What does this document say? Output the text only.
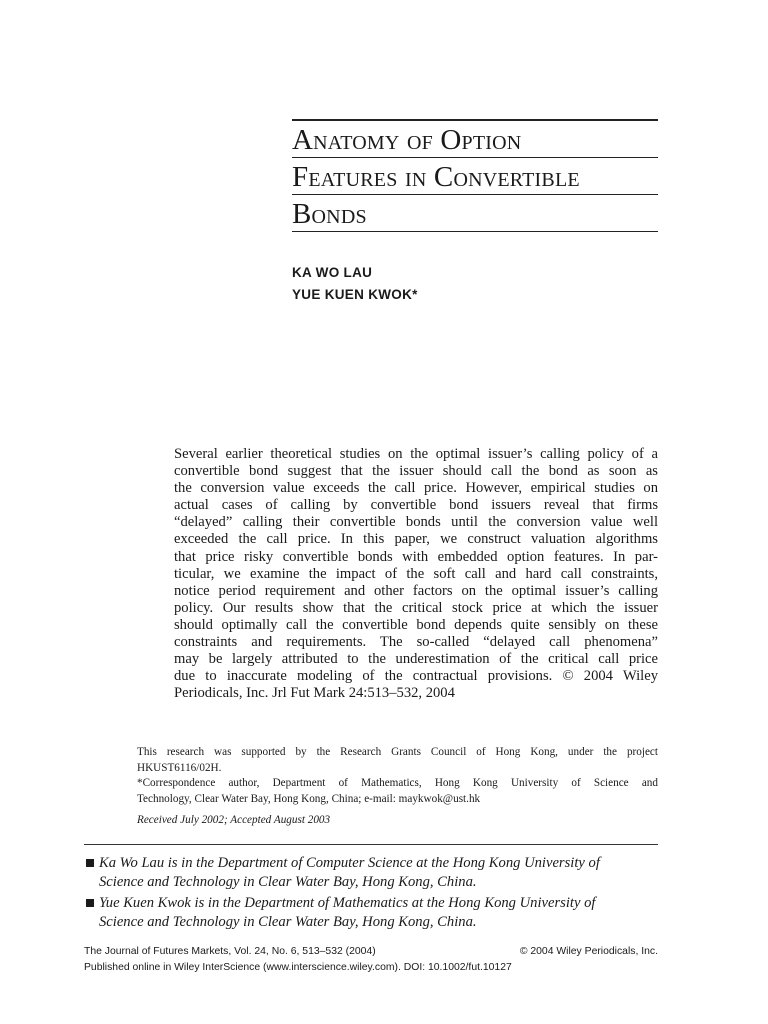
Anatomy of Option
Features in Convertible
Bonds
KA WO LAU
YUE KUEN KWOK*
Several earlier theoretical studies on the optimal issuer’s calling policy of a
convertible bond suggest that the issuer should call the bond as soon as
the conversion value exceeds the call price. However, empirical studies on
actual cases of calling by convertible bond issuers reveal that firms
“delayed” calling their convertible bonds until the conversion value well
exceeded the call price. In this paper, we construct valuation algorithms
that price risky convertible bonds with embedded option features. In par-
ticular, we examine the impact of the soft call and hard call constraints,
notice period requirement and other factors on the optimal issuer’s calling
policy. Our results show that the critical stock price at which the issuer
should optimally call the convertible bond depends quite sensibly on these
constraints and requirements. The so-called “delayed call phenomena”
may be largely attributed to the underestimation of the critical call price
due to inaccurate modeling of the contractual provisions. © 2004 Wiley
Periodicals, Inc. Jrl Fut Mark 24:513–532, 2004
This research was supported by the Research Grants Council of Hong Kong, under the project
HKUST6116/02H.
*Correspondence author, Department of Mathematics, Hong Kong University of Science and
Technology, Clear Water Bay, Hong Kong, China; e-mail: maykwok@ust.hk
Received July 2002; Accepted August 2003
Ka Wo Lau is in the Department of Computer Science at the Hong Kong University of
Science and Technology in Clear Water Bay, Hong Kong, China.
Yue Kuen Kwok is in the Department of Mathematics at the Hong Kong University of
Science and Technology in Clear Water Bay, Hong Kong, China.
The Journal of Futures Markets, Vol. 24, No. 6, 513–532 (2004)	© 2004 Wiley Periodicals, Inc.
Published online in Wiley InterScience (www.interscience.wiley.com). DOI: 10.1002/fut.10127
